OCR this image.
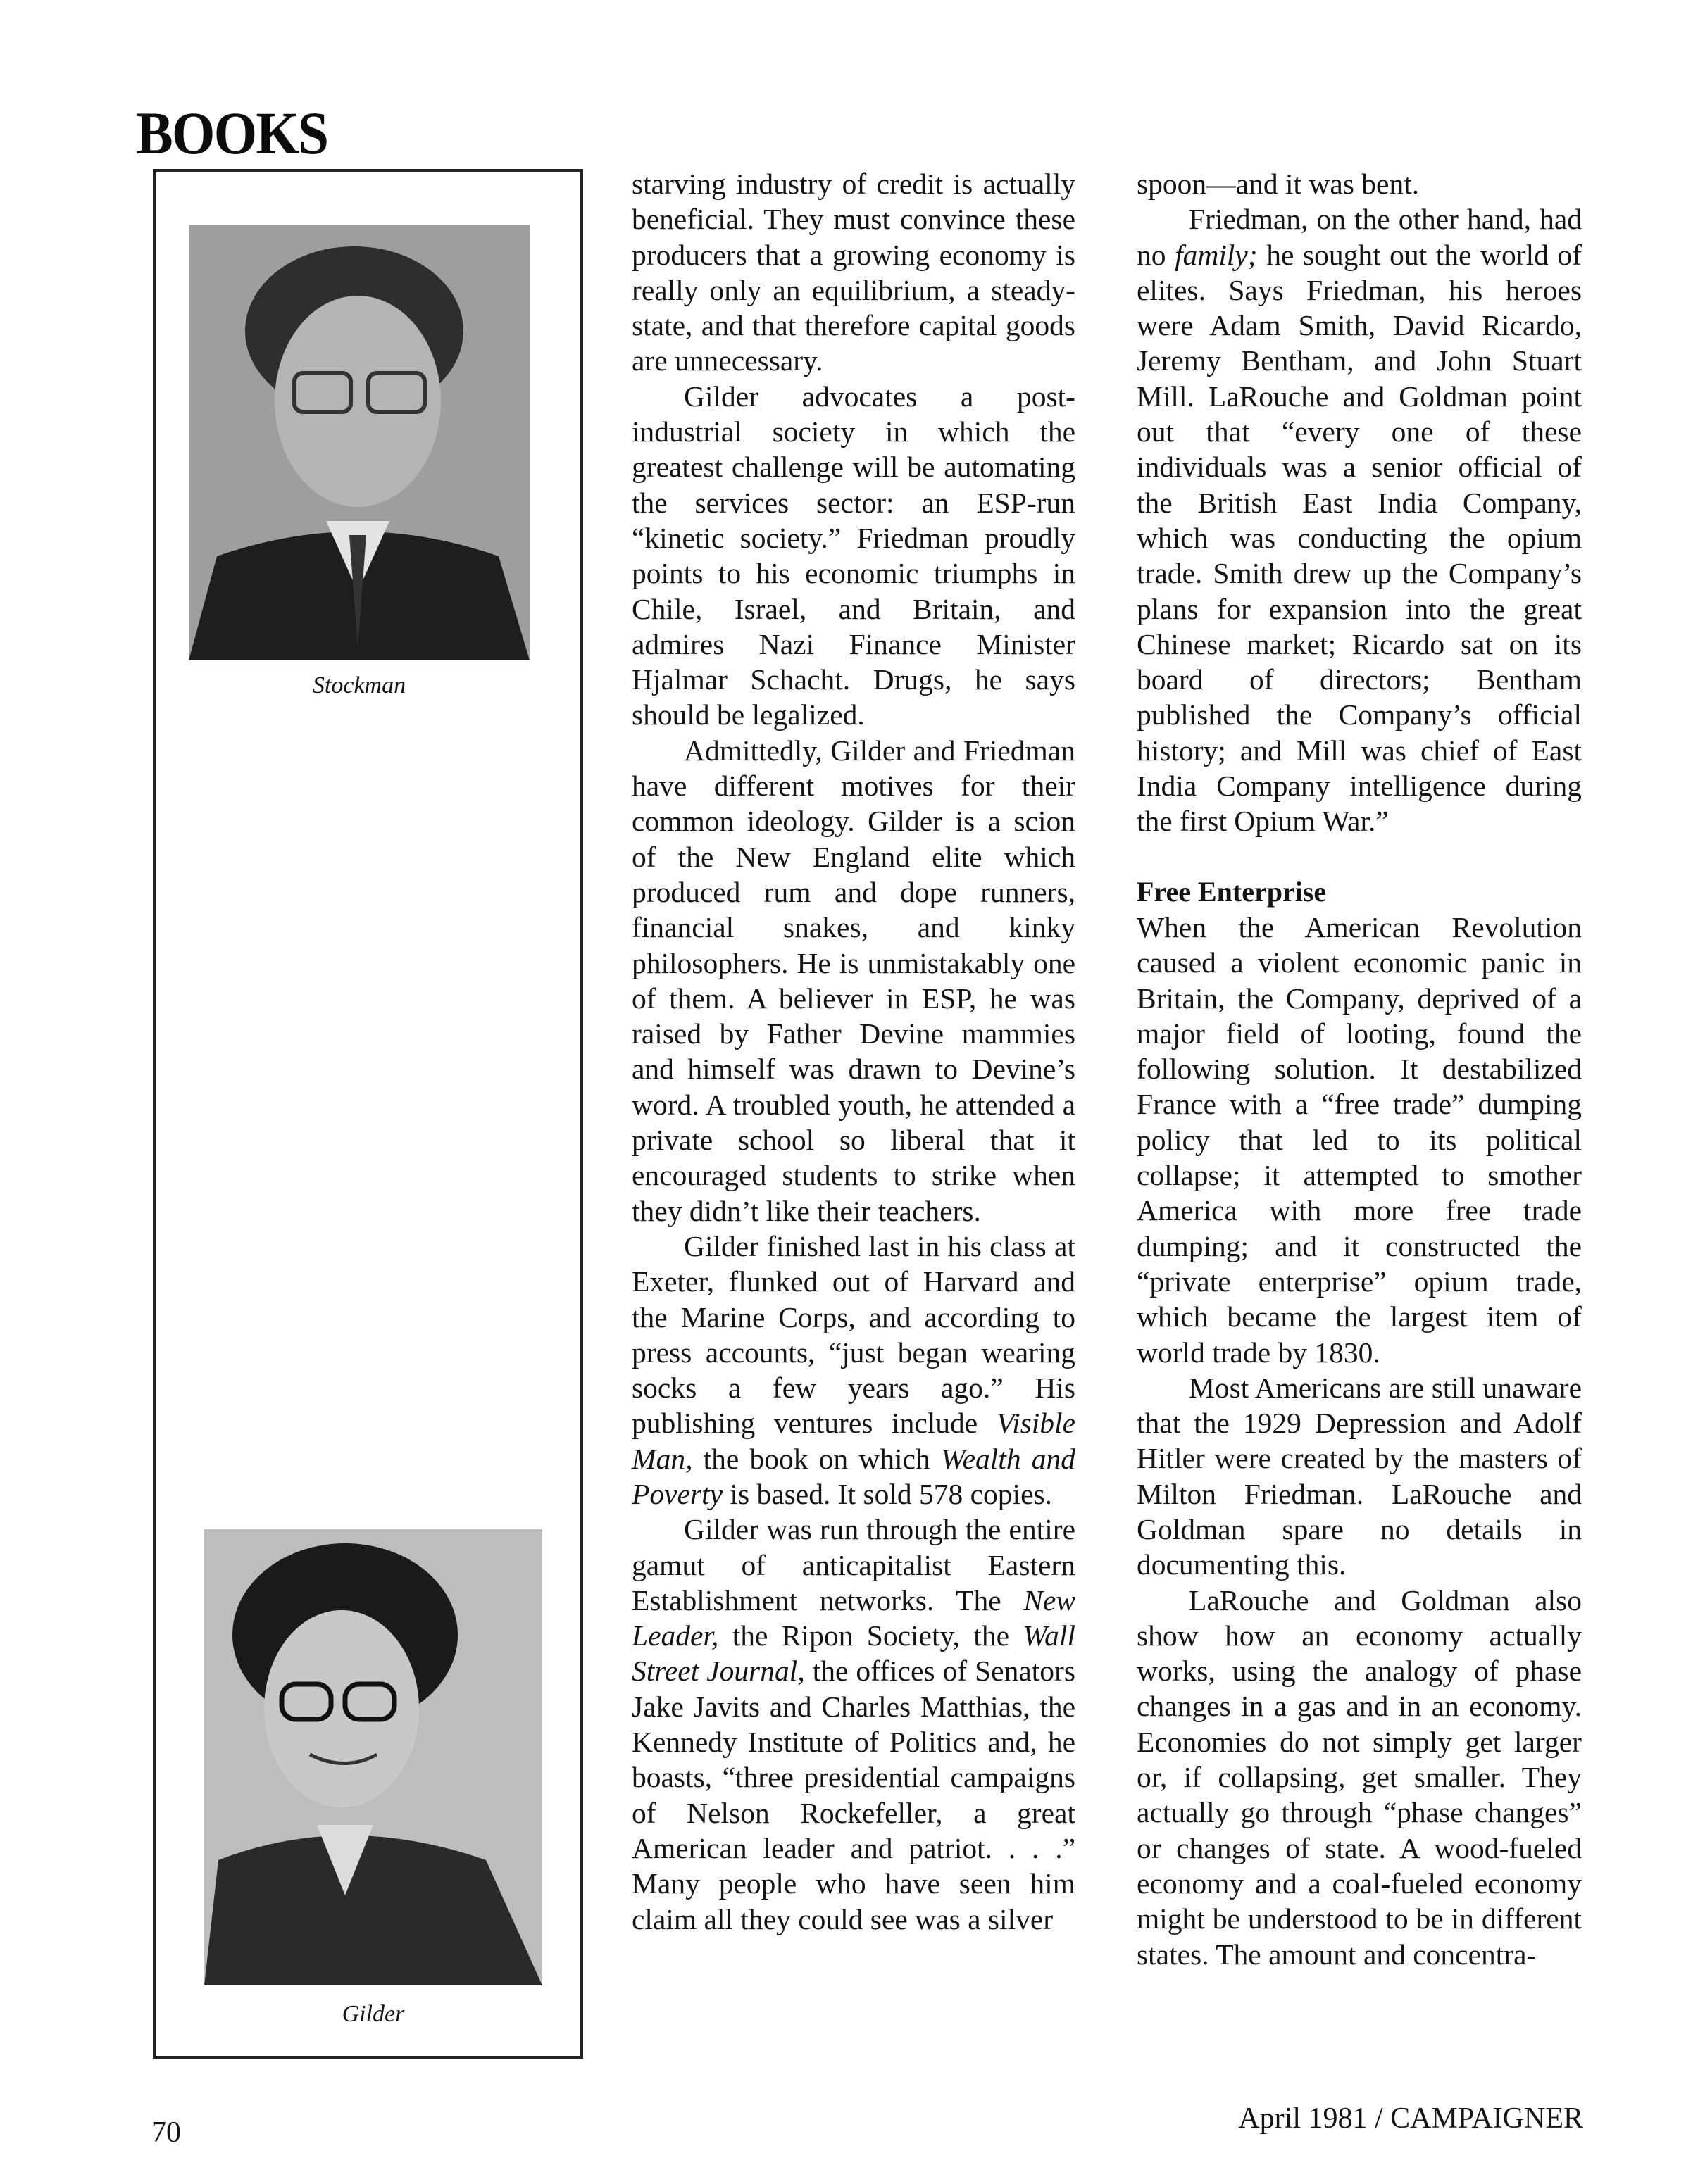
BOOKS
Stockman
Gilder

starving industry of credit is actually beneficial. They must convince these producers that a growing economy is really only an equilibrium, a steady-state, and that therefore capital goods are unnecessary.

Gilder advocates a post-industrial society in which the greatest challenge will be automating the services sector: an ESP-run “kinetic society.” Friedman proudly points to his economic triumphs in Chile, Israel, and Britain, and admires Nazi Finance Minister Hjalmar Schacht. Drugs, he says should be legalized.

Admittedly, Gilder and Friedman have different motives for their common ideology. Gilder is a scion of the New England elite which produced rum and dope runners, financial snakes, and kinky philosophers. He is unmistakably one of them. A believer in ESP, he was raised by Father Devine mammies and himself was drawn to Devine’s word. A troubled youth, he attended a private school so liberal that it encouraged students to strike when they didn’t like their teachers.

Gilder finished last in his class at Exeter, flunked out of Harvard and the Marine Corps, and according to press accounts, “just began wearing socks a few years ago.” His publishing ventures include Visible Man, the book on which Wealth and Poverty is based. It sold 578 copies.

Gilder was run through the entire gamut of anticapitalist Eastern Establishment networks. The New Leader, the Ripon Society, the Wall Street Journal, the offices of Senators Jake Javits and Charles Matthias, the Kennedy Institute of Politics and, he boasts, “three presidential campaigns of Nelson Rockefeller, a great American leader and patriot. . . .” Many people who have seen him claim all they could see was a silver

spoon—and it was bent.

Friedman, on the other hand, had no family; he sought out the world of elites. Says Friedman, his heroes were Adam Smith, David Ricardo, Jeremy Bentham, and John Stuart Mill. LaRouche and Goldman point out that “every one of these individuals was a senior official of the British East India Company, which was conducting the opium trade. Smith drew up the Company’s plans for expansion into the great Chinese market; Ricardo sat on its board of directors; Bentham published the Company’s official history; and Mill was chief of East India Company intelligence during the first Opium War.”

Free Enterprise

When the American Revolution caused a violent economic panic in Britain, the Company, deprived of a major field of looting, found the following solution. It destabilized France with a “free trade” dumping policy that led to its political collapse; it attempted to smother America with more free trade dumping; and it constructed the “private enterprise” opium trade, which became the largest item of world trade by 1830.

Most Americans are still unaware that the 1929 Depression and Adolf Hitler were created by the masters of Milton Friedman. LaRouche and Goldman spare no details in documenting this.

LaRouche and Goldman also show how an economy actually works, using the analogy of phase changes in a gas and in an economy. Economies do not simply get larger or, if collapsing, get smaller. They actually go through “phase changes” or changes of state. A wood-fueled economy and a coal-fueled economy might be understood to be in different states. The amount and concentra-

70	April 1981 / CAMPAIGNER
